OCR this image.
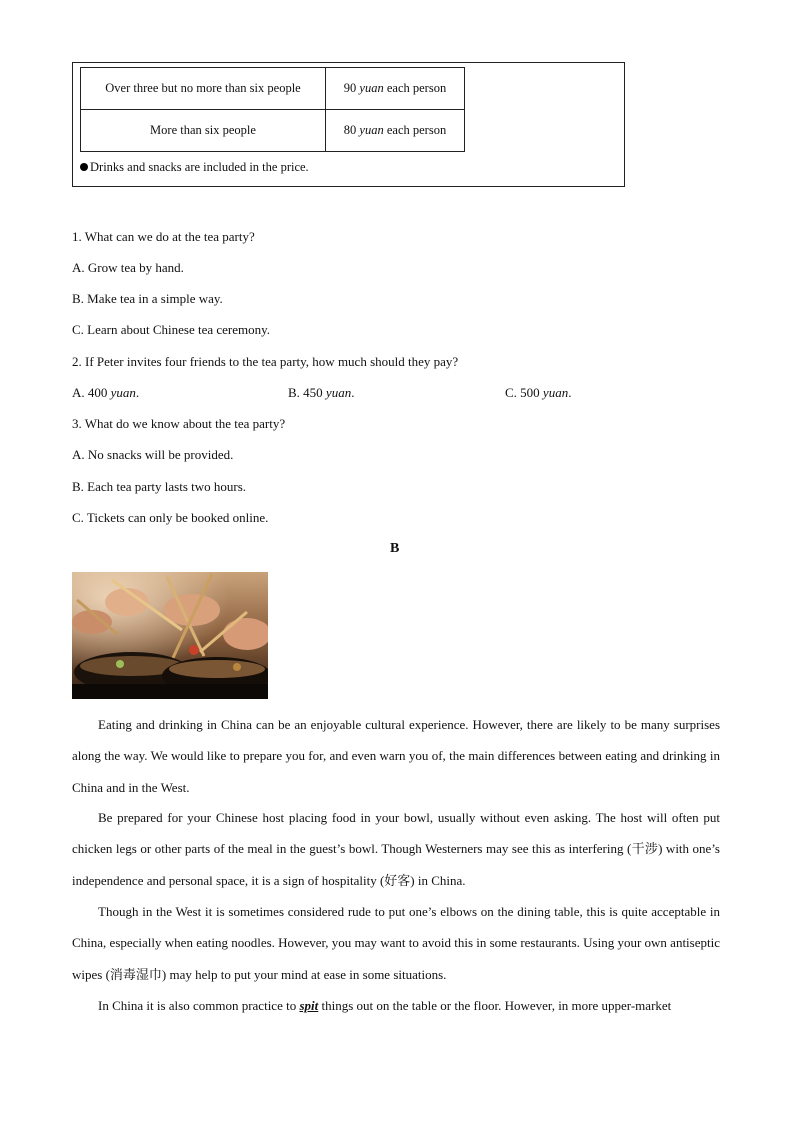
Over three but no more than six people	90 yuan each person
More than six people	80 yuan each person
Drinks and snacks are included in the price.
1. What can we do at the tea party?
A. Grow tea by hand.
B. Make tea in a simple way.
C. Learn about Chinese tea ceremony.
2. If Peter invites four friends to the tea party, how much should they pay?
A. 400 yuan.	B. 450 yuan.	C. 500 yuan.
3. What do we know about the tea party?
A. No snacks will be provided.
B. Each tea party lasts two hours.
C. Tickets can only be booked online.
B
Eating and drinking in China can be an enjoyable cultural experience. However, there are likely to be many surprises along the way. We would like to prepare you for, and even warn you of, the main differences between eating and drinking in China and in the West.
Be prepared for your Chinese host placing food in your bowl, usually without even asking. The host will often put chicken legs or other parts of the meal in the guest’s bowl. Though Westerners may see this as interfering (干涉) with one’s independence and personal space, it is a sign of hospitality (好客) in China.
Though in the West it is sometimes considered rude to put one’s elbows on the dining table, this is quite acceptable in China, especially when eating noodles. However, you may want to avoid this in some restaurants. Using your own antiseptic wipes (消毒湿巾) may help to put your mind at ease in some situations.
In China it is also common practice to spit things out on the table or the floor. However, in more upper-market
